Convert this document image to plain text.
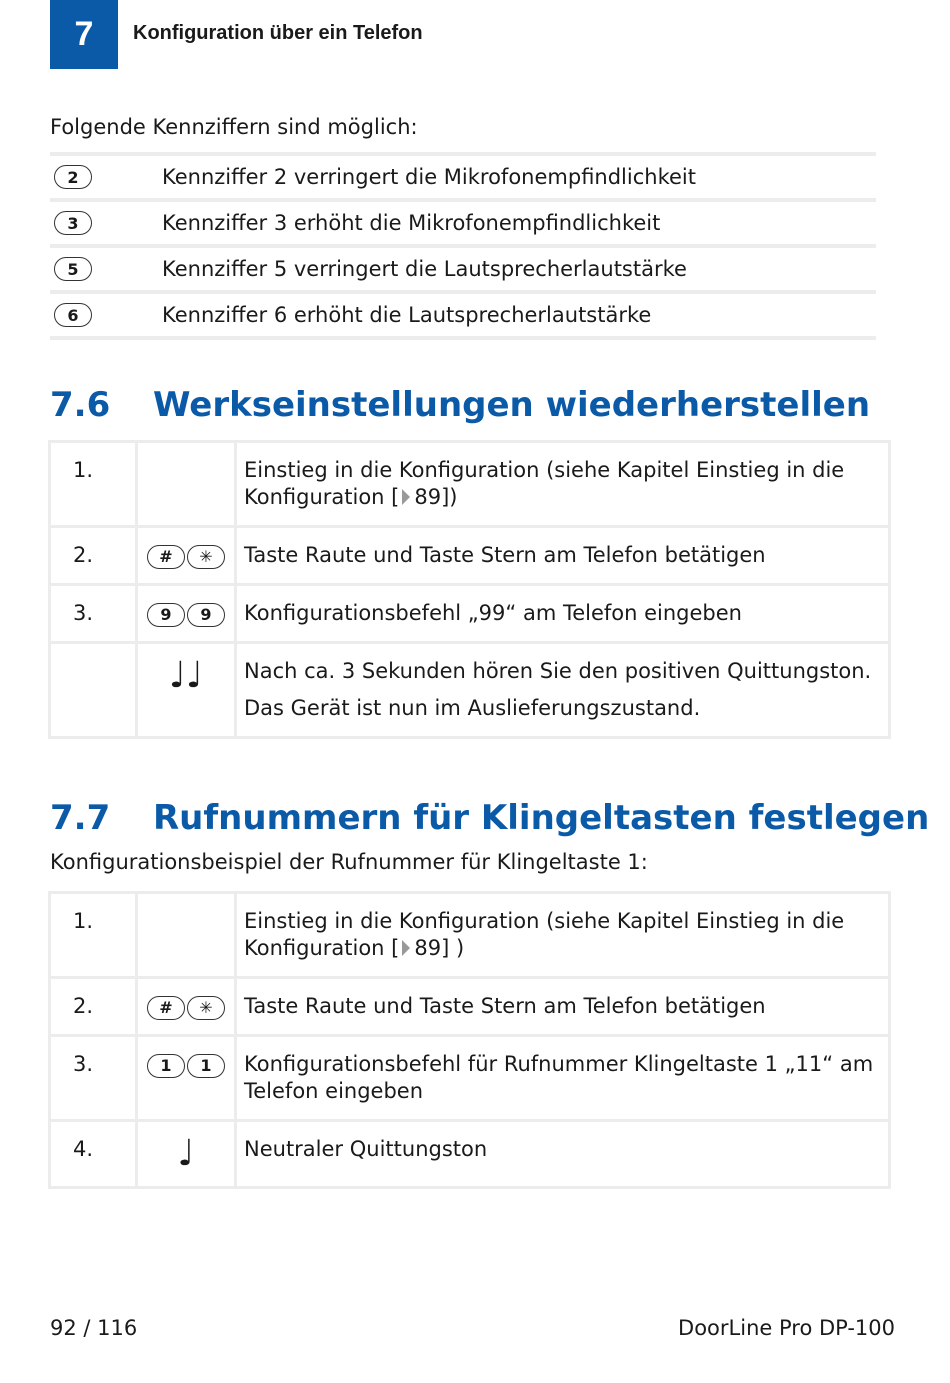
7 Konfiguration über ein Telefon
Folgende Kennziffern sind möglich:
2	Kennziffer 2 verringert die Mikrofonempfindlichkeit
3	Kennziffer 3 erhöht die Mikrofonempfindlichkeit
5	Kennziffer 5 verringert die Lautsprecherlautstärke
6	Kennziffer 6 erhöht die Lautsprecherlautstärke
7.6 Werkseinstellungen wiederherstellen
1.		Einstieg in die Konfiguration (siehe Kapitel Einstieg in die Konfiguration [ 89])
2.	# ✳	Taste Raute und Taste Stern am Telefon betätigen
3.	9 9	Konfigurationsbefehl „99“ am Telefon eingeben
	♩♩	Nach ca. 3 Sekunden hören Sie den positiven Quittungston.
Das Gerät ist nun im Auslieferungszustand.
7.7 Rufnummern für Klingeltasten festlegen
Konfigurationsbeispiel der Rufnummer für Klingeltaste 1:
1.		Einstieg in die Konfiguration (siehe Kapitel Einstieg in die Konfiguration [ 89] )
2.	# ✳	Taste Raute und Taste Stern am Telefon betätigen
3.	1 1	Konfigurationsbefehl für Rufnummer Klingeltaste 1 „11“ am Telefon eingeben
4.	♩	Neutraler Quittungston
92 / 116	DoorLine Pro DP-100
